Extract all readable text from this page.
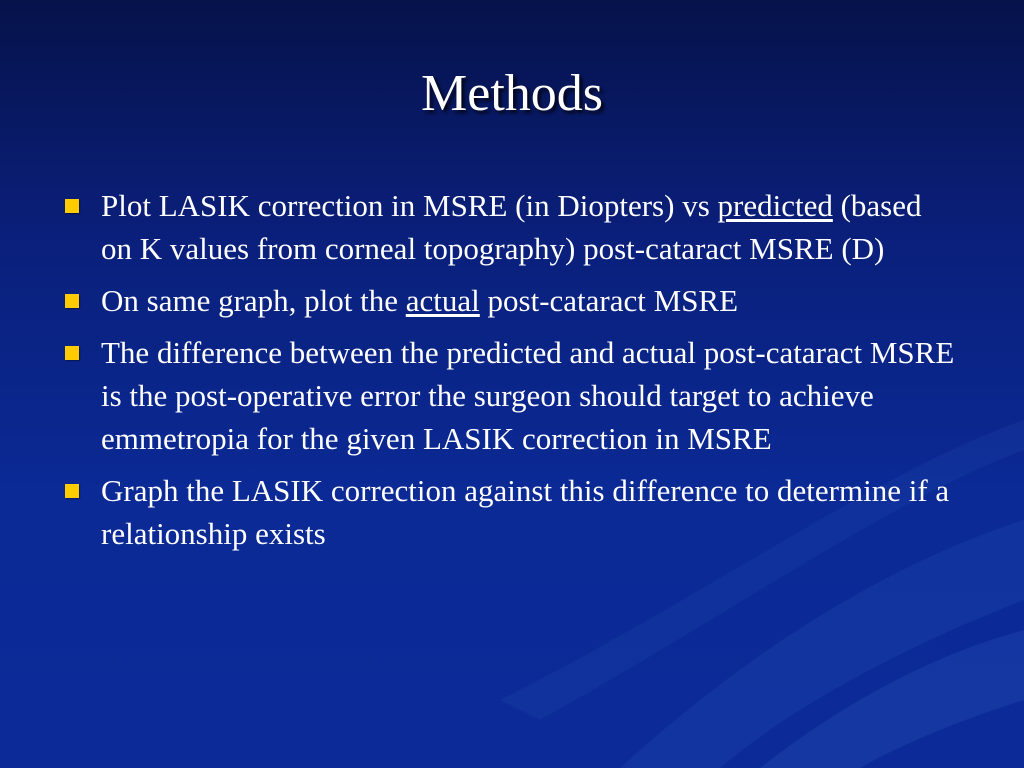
Methods
Plot LASIK correction in MSRE (in Diopters) vs predicted (based on K values from corneal topography) post-cataract MSRE (D)
On same graph, plot the actual post-cataract MSRE
The difference between the predicted and actual post-cataract MSRE is the post-operative error the surgeon should target to achieve emmetropia for the given LASIK correction in MSRE
Graph the LASIK correction against this difference to determine if a relationship exists
